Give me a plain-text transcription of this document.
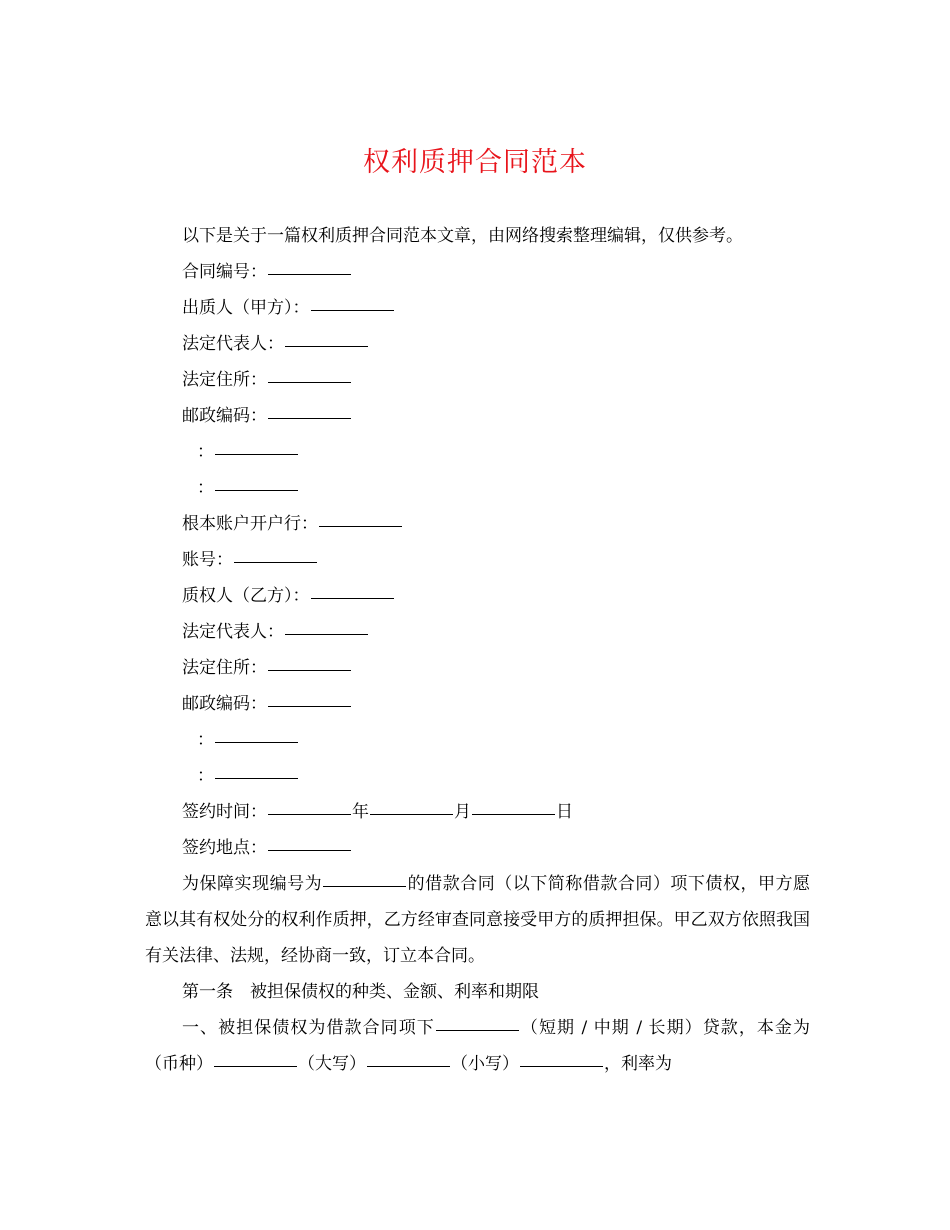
权利质押合同范本
以下是关于一篇权利质押合同范本文章，由网络搜索整理编辑，仅供参考。
合同编号：
出质人（甲方）：
法定代表人：
法定住所：
邮政编码：
：
：
根本账户开户行：
账号：
质权人（乙方）：
法定代表人：
法定住所：
邮政编码：
：
：
签约时间：	年	月	日
签约地点：
为保障实现编号为	的借款合同（以下简称借款合同）项下债权，甲方愿意以其有权处分的权利作质押，乙方经审查同意接受甲方的质押担保。甲乙双方依照我国有关法律、法规，经协商一致，订立本合同。
第一条　被担保债权的种类、金额、利率和期限
一、被担保债权为借款合同项下	（短期 / 中期 / 长期）贷款，本金为（币种）	（大写）	（小写）	，利率为
